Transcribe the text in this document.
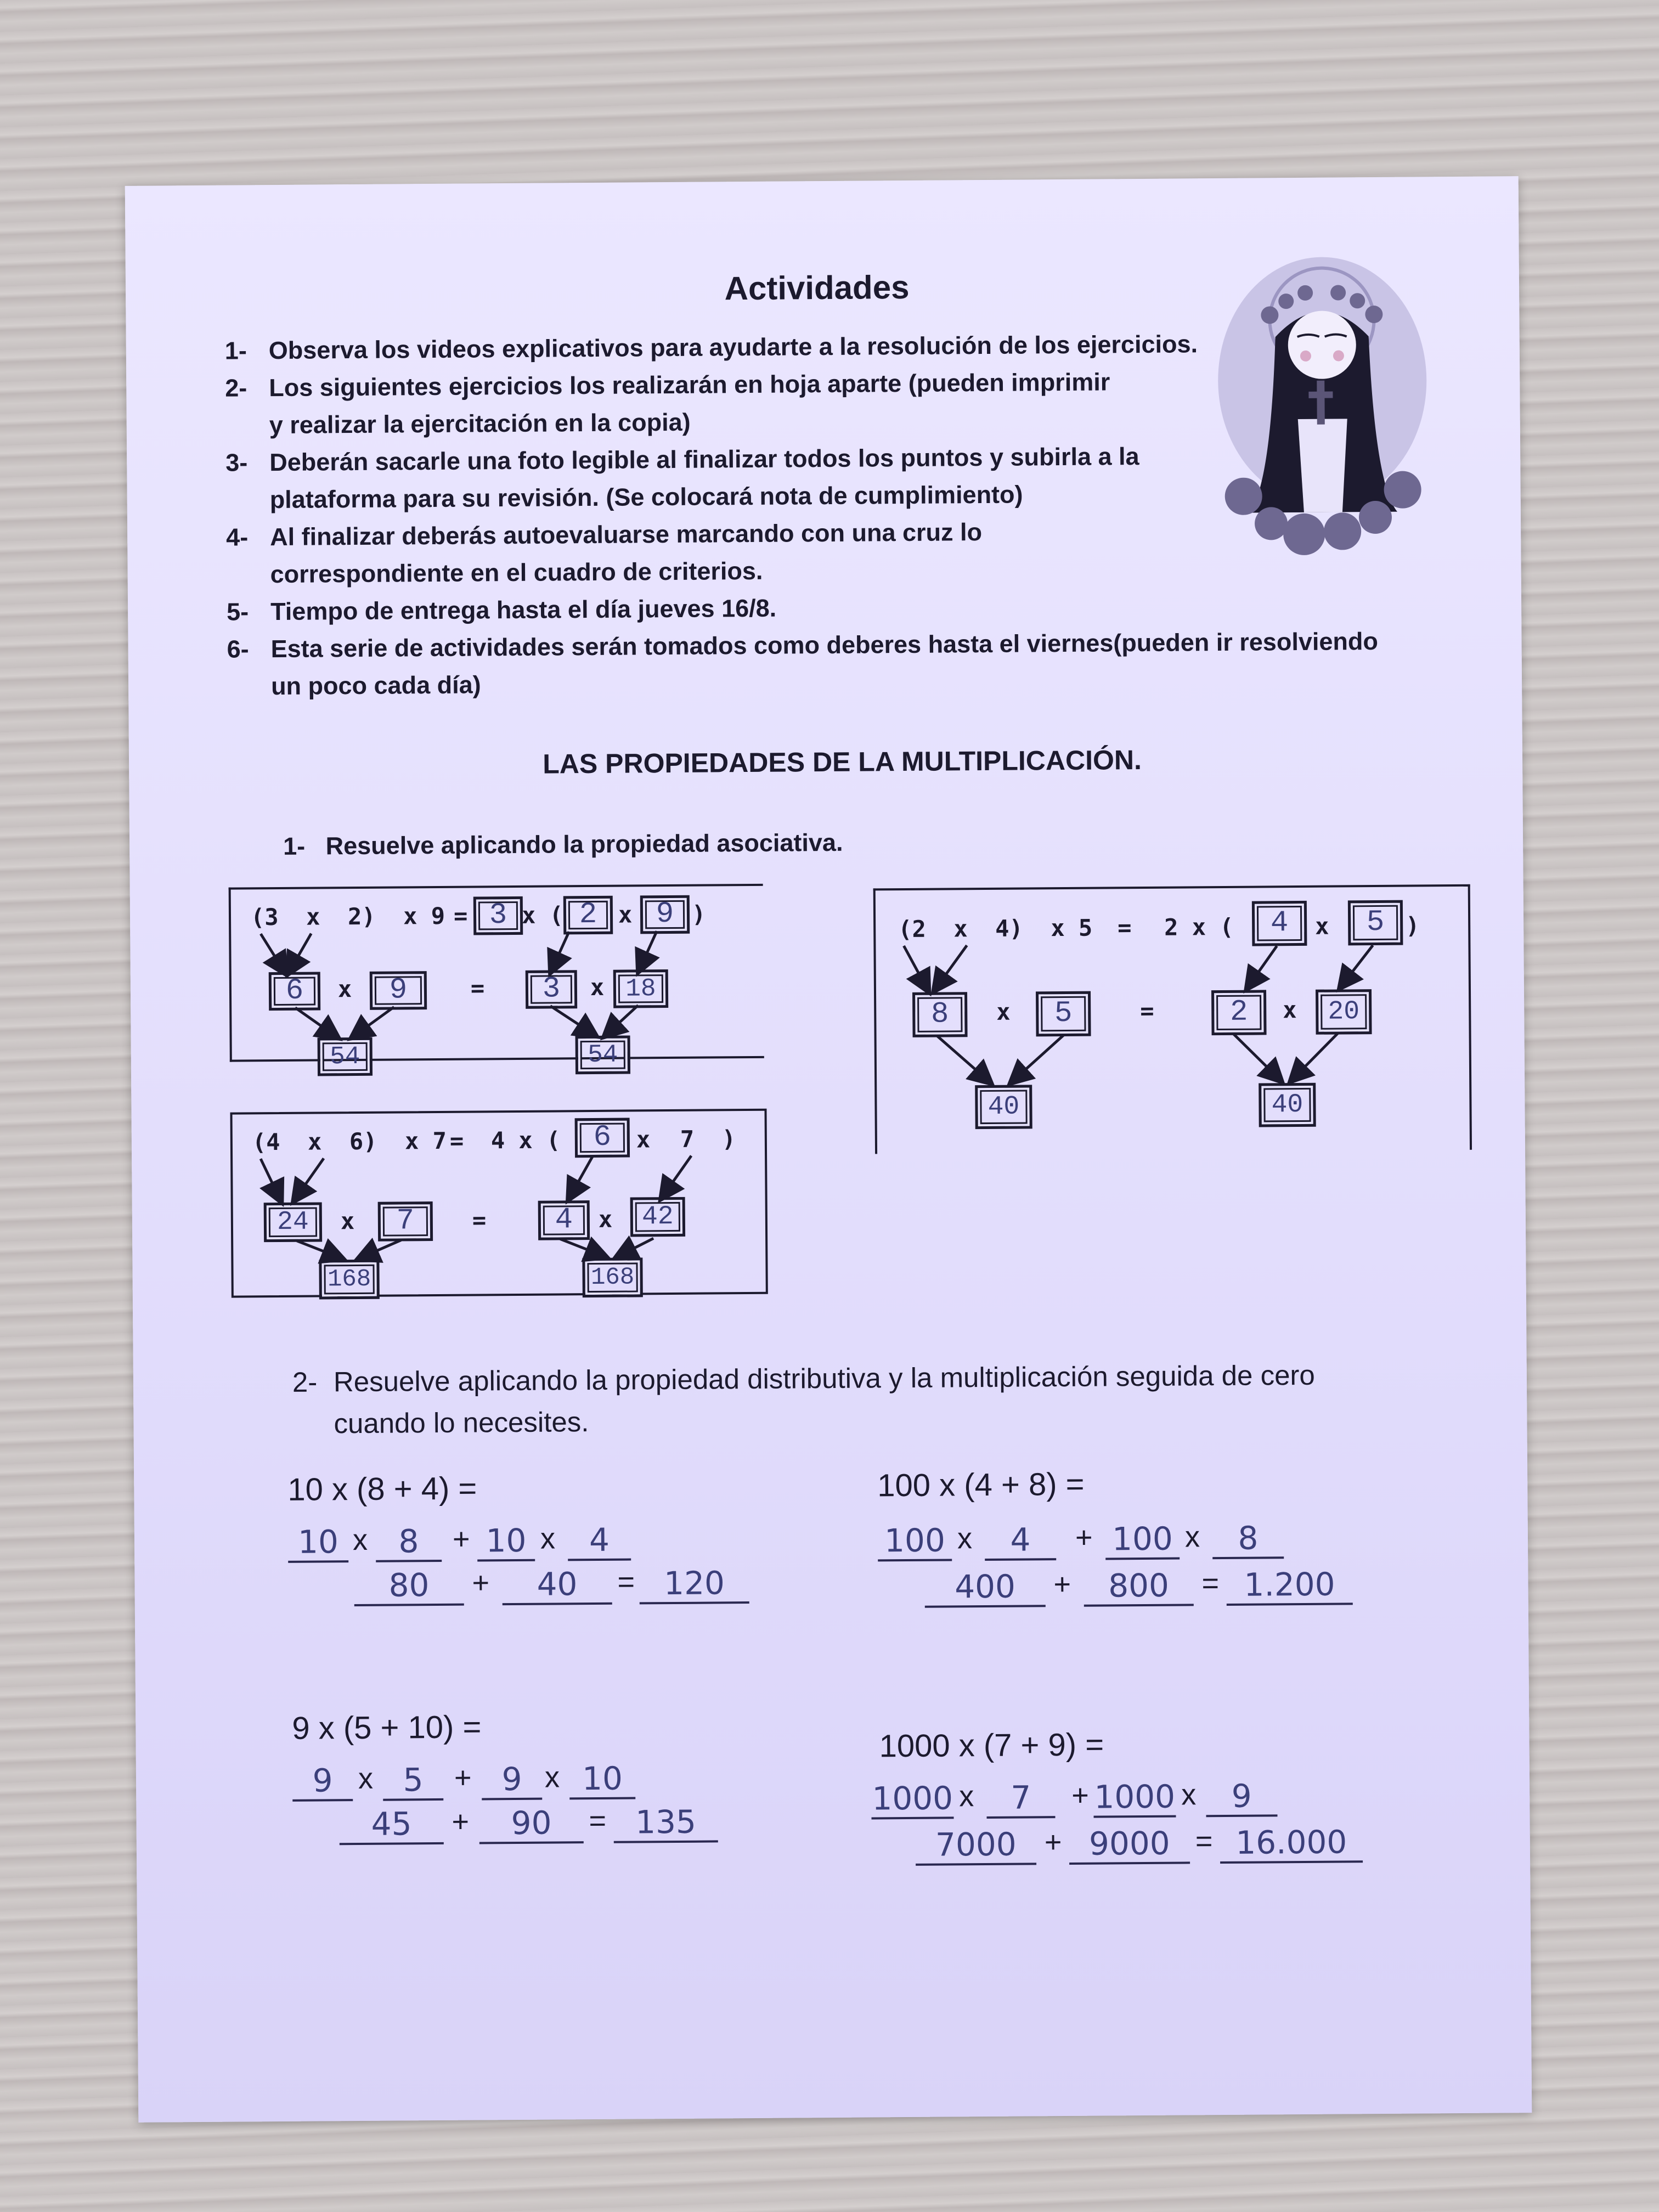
Actividades
1- Observa los videos explicativos para ayudarte a la resolución de los ejercicios.
2- Los siguientes ejercicios los realizarán en hoja aparte (pueden imprimir y realizar la ejercitación en la copia)
3- Deberán sacarle una foto legible al finalizar todos los puntos y subirla a la plataforma para su revisión. (Se colocará nota de cumplimiento)
4- Al finalizar deberás autoevaluarse marcando con una cruz lo correspondiente en el cuadro de criterios.
5- Tiempo de entrega hasta el día jueves 16/8.
6- Esta serie de actividades serán tomados como deberes hasta el viernes(pueden ir resolviendo un poco cada día)
LAS PROPIEDADES DE LA MULTIPLICACIÓN.
1- Resuelve aplicando la propiedad asociativa.
(3  x  2)  x 9 = 3 x ( 2 x 9 )
6	x	9	=	3	x 18
54	54
(2  x  4)  x 5 = 2 x (	4	x	5 )
8	x	5	=	2	x	20
40	40
(4  x  6)  x 7 = 4 x (	6	x 7  )
24	x	7	=	4	x	42
168	168
2- Resuelve aplicando la propiedad distributiva y la multiplicación seguida de cero cuando lo necesites.
10 x (8 + 4) =
10 x 8	+ 10 x	4
80	+	40	= 120
100 x (4 + 8) =
100 x	4	+ 100 x	8
400	+	800	= 1.200
9 x (5 + 10) =
9 x 5	+ 9 x 10
45	+	90	= 135
1000 x (7 + 9) =
1000 x	7	+ 1000 x	9
7000 + 9000 = 16.000
